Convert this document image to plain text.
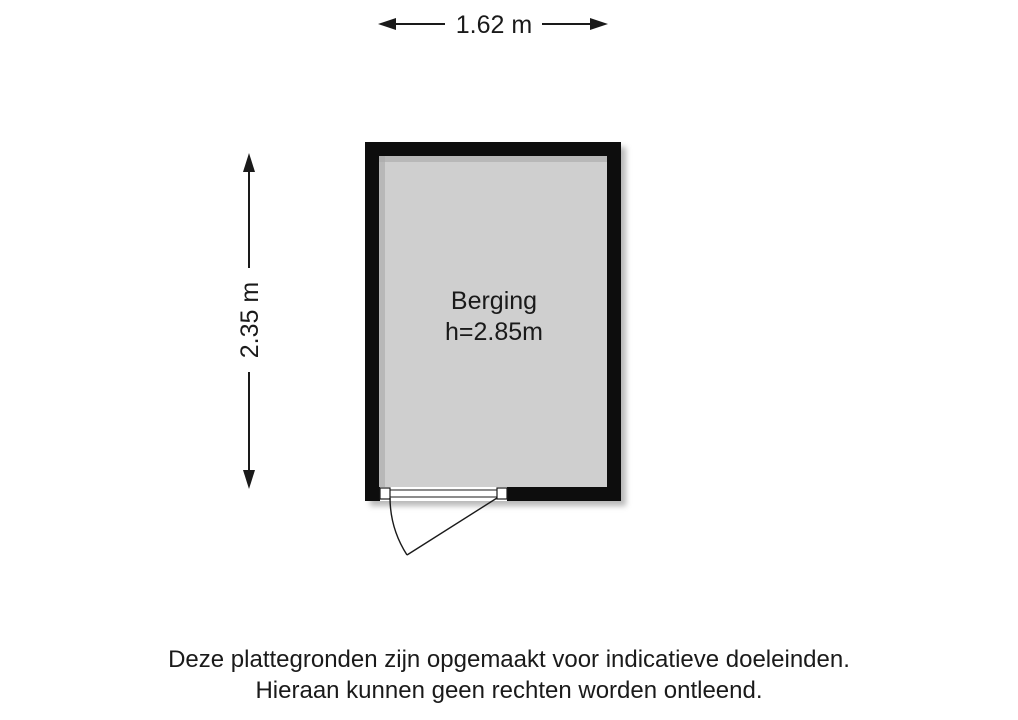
1.62 m
2.35 m	Berging
h=2.85m
Deze plattegronden zijn opgemaakt voor indicatieve doeleinden.
Hieraan kunnen geen rechten worden ontleend.
